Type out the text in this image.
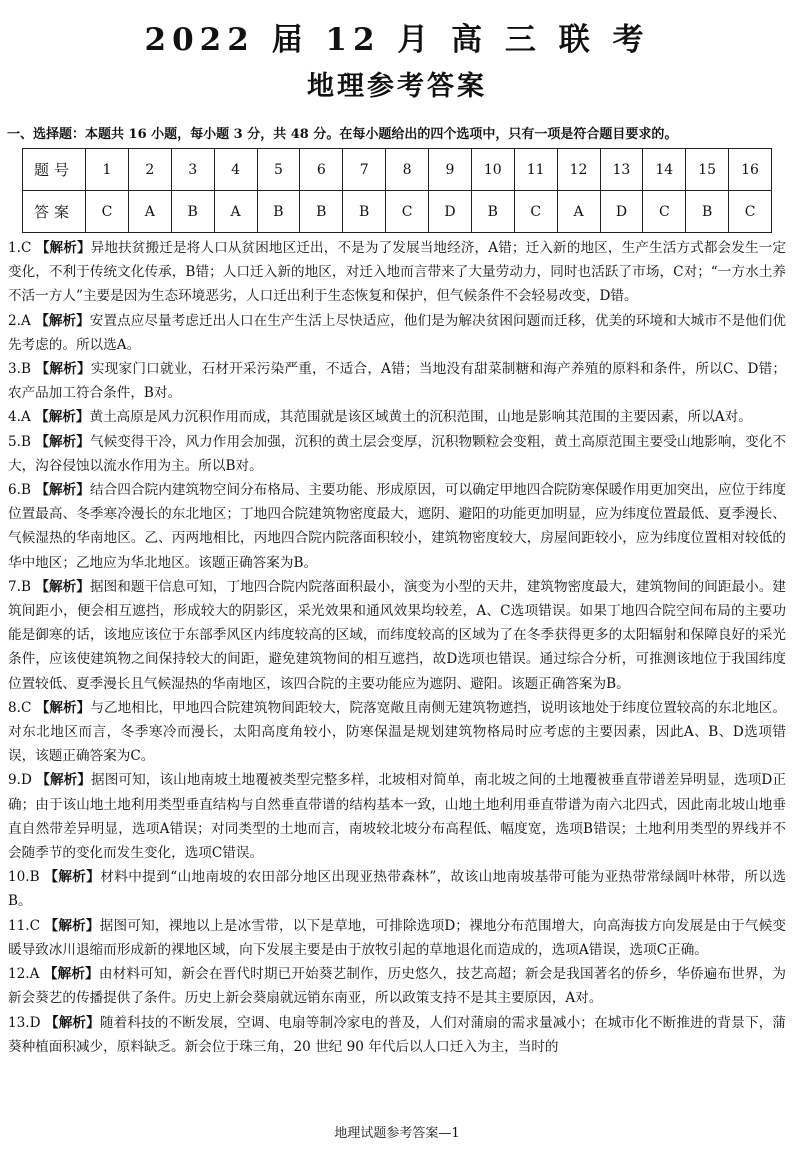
2022 届 12 月 高 三 联 考
地理参考答案
一、选择题：本题共 16 小题，每小题 3 分，共 48 分。在每小题给出的四个选项中，只有一项是符合题目要求的。
题号	1	2	3	4	5	6	7	8	9	10	11	12	13	14	15	16
答案	C	A	B	A	B	B	B	C	D	B	C	A	D	C	B	C

1.C 【解析】异地扶贫搬迁是将人口从贫困地区迁出，不是为了发展当地经济，A错；迁入新的地区，生产生活方式都会发生一定变化，不利于传统文化传承，B错；人口迁入新的地区，对迁入地而言带来了大量劳动力，同时也活跃了市场，C对；“一方水土养不活一方人”主要是因为生态环境恶劣，人口迁出利于生态恢复和保护，但气候条件不会轻易改变，D错。

2.A 【解析】安置点应尽量考虑迁出人口在生产生活上尽快适应，他们是为解决贫困问题而迁移，优美的环境和大城市不是他们优先考虑的。所以选A。

3.B 【解析】实现家门口就业，石材开采污染严重，不适合，A错；当地没有甜菜制糖和海产养殖的原料和条件，所以C、D错；农产品加工符合条件，B对。

4.A 【解析】黄土高原是风力沉积作用而成，其范围就是该区域黄土的沉积范围，山地是影响其范围的主要因素，所以A对。

5.B 【解析】气候变得干冷，风力作用会加强，沉积的黄土层会变厚，沉积物颗粒会变粗，黄土高原范围主要受山地影响，变化不大，沟谷侵蚀以流水作用为主。所以B对。

6.B 【解析】结合四合院内建筑物空间分布格局、主要功能、形成原因，可以确定甲地四合院防寒保暖作用更加突出，应位于纬度位置最高、冬季寒冷漫长的东北地区；丁地四合院建筑物密度最大，遮阴、避阳的功能更加明显，应为纬度位置最低、夏季漫长、气候湿热的华南地区。乙、丙两地相比，丙地四合院内院落面积较小，建筑物密度较大，房屋间距较小，应为纬度位置相对较低的华中地区；乙地应为华北地区。该题正确答案为B。

7.B 【解析】据图和题干信息可知，丁地四合院内院落面积最小，演变为小型的天井，建筑物密度最大，建筑物间的间距最小。建筑间距小，便会相互遮挡，形成较大的阴影区，采光效果和通风效果均较差，A、C选项错误。如果丁地四合院空间布局的主要功能是御寒的话，该地应该位于东部季风区内纬度较高的区域，而纬度较高的区域为了在冬季获得更多的太阳辐射和保障良好的采光条件，应该使建筑物之间保持较大的间距，避免建筑物间的相互遮挡，故D选项也错误。通过综合分析，可推测该地位于我国纬度位置较低、夏季漫长且气候湿热的华南地区，该四合院的主要功能应为遮阴、避阳。该题正确答案为B。

8.C 【解析】与乙地相比，甲地四合院建筑物间距较大，院落宽敞且南侧无建筑物遮挡，说明该地处于纬度位置较高的东北地区。对东北地区而言，冬季寒冷而漫长，太阳高度角较小，防寒保温是规划建筑物格局时应考虑的主要因素，因此A、B、D选项错误，该题正确答案为C。

9.D 【解析】据图可知，该山地南坡土地覆被类型完整多样，北坡相对简单，南北坡之间的土地覆被垂直带谱差异明显，选项D正确；由于该山地土地利用类型垂直结构与自然垂直带谱的结构基本一致，山地土地利用垂直带谱为南六北四式，因此南北坡山地垂直自然带差异明显，选项A错误；对同类型的土地而言，南坡较北坡分布高程低、幅度宽，选项B错误；土地利用类型的界线并不会随季节的变化而发生变化，选项C错误。

10.B 【解析】材料中提到“山地南坡的农田部分地区出现亚热带森林”，故该山地南坡基带可能为亚热带常绿阔叶林带，所以选B。

11.C 【解析】据图可知，裸地以上是冰雪带，以下是草地，可排除选项D；裸地分布范围增大，向高海拔方向发展是由于气候变暖导致冰川退缩而形成新的裸地区域，向下发展主要是由于放牧引起的草地退化而造成的，选项A错误，选项C正确。

12.A 【解析】由材料可知，新会在晋代时期已开始葵艺制作，历史悠久，技艺高超；新会是我国著名的侨乡，华侨遍布世界，为新会葵艺的传播提供了条件。历史上新会葵扇就远销东南亚，所以政策支持不是其主要原因，A对。

13.D 【解析】随着科技的不断发展，空调、电扇等制冷家电的普及，人们对蒲扇的需求量减小；在城市化不断推进的背景下，蒲葵种植面积减少，原料缺乏。新会位于珠三角，20 世纪 90 年代后以人口迁入为主，当时的

地理试题参考答案—1
